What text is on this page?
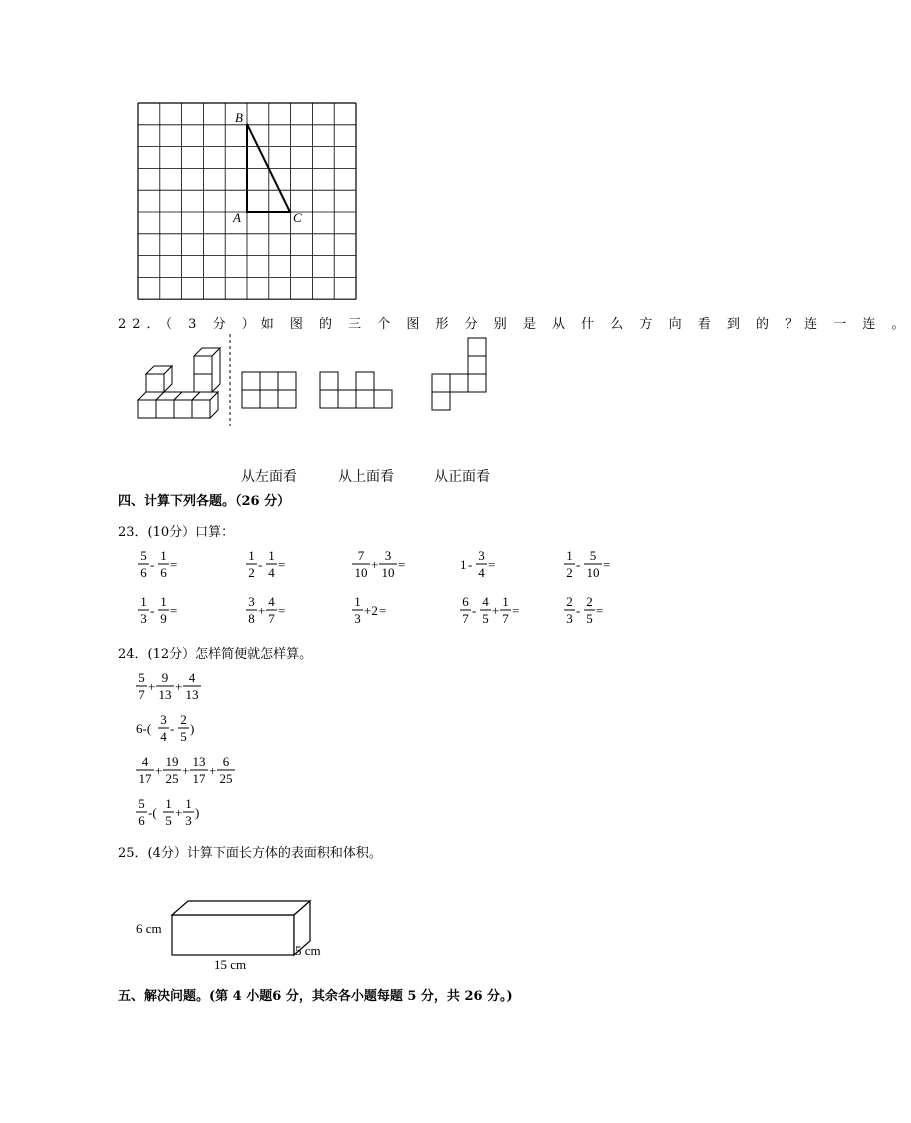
B
A	C
22．（ 3 分 ）如 图 的 三 个 图 形 分 别 是 从 什 么 方 向 看 到 的 ？连 一 连 。
从左面看	从上面看	从正面看
四、计算下列各题。（26 分）
23．(10分）口算：
5
6
-
1
6
=
1
2
-
1
4
=
7
10
+
3
10
=	1 -
3
4
=
1
2
-
5
10
=
1
3
-
1
9
=
3
8
+
4
7
=
1
3
+2 =
6
7
-
4
5
+
1
7
=
2
3
-
2
5
=
24．(12分）怎样简便就怎样算。
5
7
+
9
13
+
4
13
6-(
3
4
-
2
5
)
4
17
+
19
25
+
13
17
+
6
25
5
6
-(
1
5
+
1
3
)
25．(4分）计算下面长方体的表面积和体积。
6 cm
15 cm
5 cm
五、解决问题。(第 4 小题6 分，其余各小题每题 5 分，共 26 分。)
